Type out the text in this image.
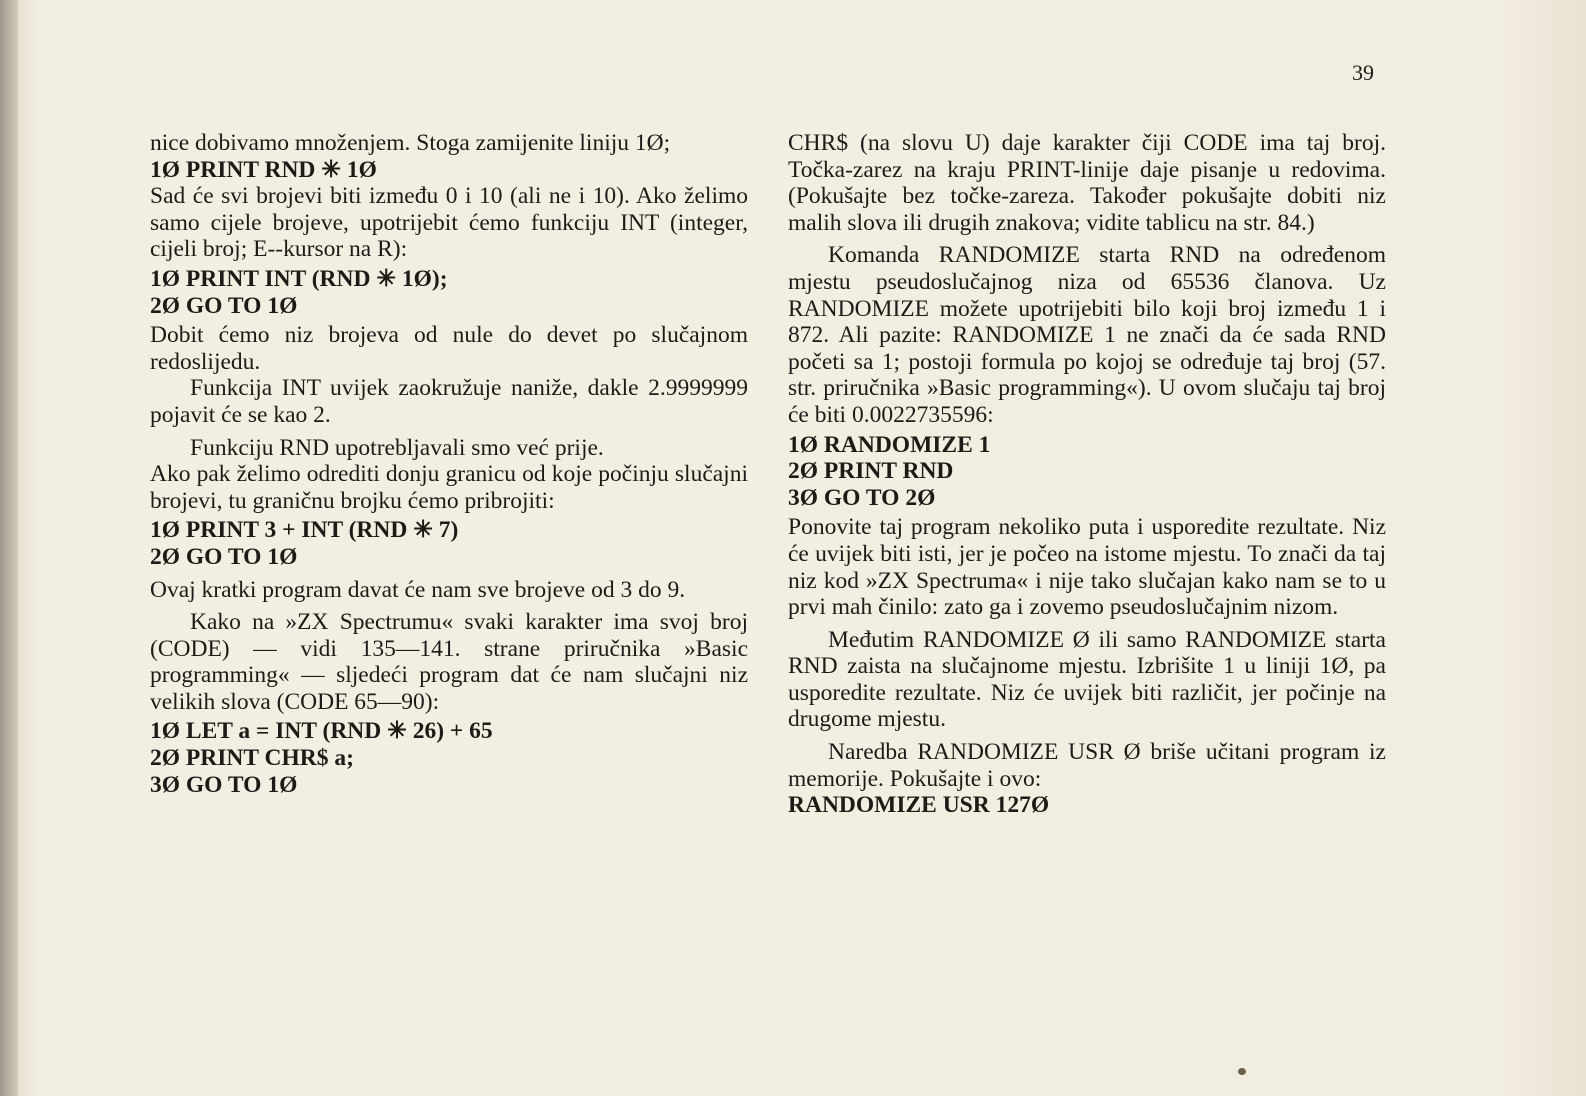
39

nice dobivamo množenjem. Stoga zamijenite liniju 1Ø;

1Ø PRINT RND ✳ 1Ø

Sad će svi brojevi biti između 0 i 10 (ali ne i 10). Ako želimo samo cijele brojeve, upotrijebit ćemo funkciju INT (integer, cijeli broj; E--kursor na R):

1Ø PRINT INT (RND ✳ 1Ø);

2Ø GO TO 1Ø

Dobit ćemo niz brojeva od nule do devet po slučajnom redoslijedu.

Funkcija INT uvijek zaokružuje naniže, dakle 2.9999999 pojavit će se kao 2.

Funkciju RND upotrebljavali smo već prije.

Ako pak želimo odrediti donju granicu od koje počinju slučajni brojevi, tu graničnu brojku ćemo pribrojiti:

1Ø PRINT 3 + INT (RND ✳ 7)

2Ø GO TO 1Ø

Ovaj kratki program davat će nam sve brojeve od 3 do 9.

Kako na »ZX Spectrumu« svaki karakter ima svoj broj (CODE) — vidi 135—141. strane priručnika »Basic programming« — sljedeći program dat će nam slučajni niz velikih slova (CODE 65—90):

1Ø LET a = INT (RND ✳ 26) + 65

2Ø PRINT CHR$ a;

3Ø GO TO 1Ø

CHR$ (na slovu U) daje karakter čiji CODE ima taj broj. Točka-zarez na kraju PRINT-linije daje pisanje u redovima. (Pokušajte bez točke-zareza. Također pokušajte dobiti niz malih slova ili drugih znakova; vidite tablicu na str. 84.)

Komanda RANDOMIZE starta RND na određenom mjestu pseudoslučajnog niza od 65536 članova. Uz RANDOMIZE možete upotrijebiti bilo koji broj između 1 i 872. Ali pazite: RANDOMIZE 1 ne znači da će sada RND početi sa 1; postoji formula po kojoj se određuje taj broj (57. str. priručnika »Basic programming«). U ovom slučaju taj broj će biti 0.0022735596:

1Ø RANDOMIZE 1

2Ø PRINT RND

3Ø GO TO 2Ø

Ponovite taj program nekoliko puta i usporedite rezultate. Niz će uvijek biti isti, jer je počeo na istome mjestu. To znači da taj niz kod »ZX Spectruma« i nije tako slučajan kako nam se to u prvi mah činilo: zato ga i zovemo pseudoslučajnim nizom.

Međutim RANDOMIZE Ø ili samo RANDOMIZE starta RND zaista na slučajnome mjestu. Izbrišite 1 u liniji 1Ø, pa usporedite rezultate. Niz će uvijek biti različit, jer počinje na drugome mjestu.

Naredba RANDOMIZE USR Ø briše učitani program iz memorije. Pokušajte i ovo:

RANDOMIZE USR 127Ø
